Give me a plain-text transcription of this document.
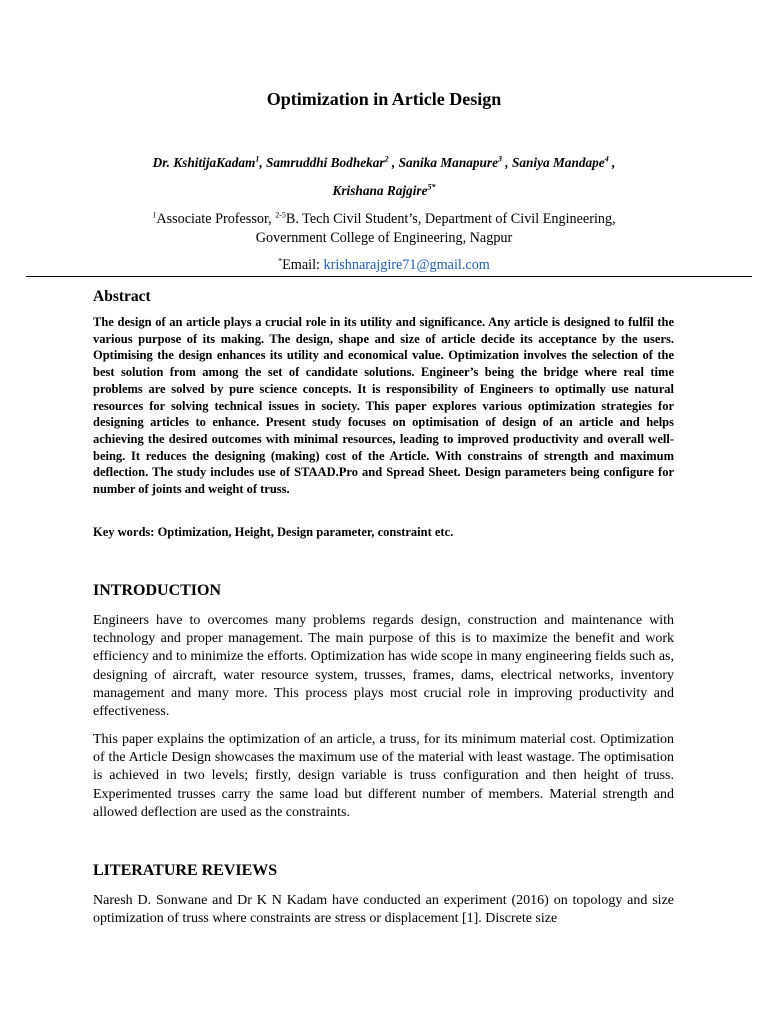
Optimization in Article Design
Dr. KshitijaKadam$^1$, Samruddhi Bodhekar$^2$ , Sanika Manapure$^3$ , Saniya Mandape$^4$ ,
Krishana Rajgire$^{5*}$
$^1$Associate Professor, $^{2-5}$B. Tech Civil Student’s, Department of Civil Engineering,
Government College of Engineering, Nagpur
*Email: krishnarajgire71@gmail.com
Abstract

The design of an article plays a crucial role in its utility and significance. Any article is designed to fulfil the various purpose of its making. The design, shape and size of article decide its acceptance by the users. Optimising the design enhances its utility and economical value. Optimization involves the selection of the best solution from among the set of candidate solutions. Engineer’s being the bridge where real time problems are solved by pure science concepts. It is responsibility of Engineers to optimally use natural resources for solving technical issues in society. This paper explores various optimization strategies for designing articles to enhance. Present study focuses on optimisation of design of an article and helps achieving the desired outcomes with minimal resources, leading to improved productivity and overall well-being. It reduces the designing (making) cost of the Article. With constrains of strength and maximum deflection. The study includes use of STAAD.Pro and Spread Sheet. Design parameters being configure for number of joints and weight of truss.

Key words: Optimization, Height, Design parameter, constraint etc.
INTRODUCTION

Engineers have to overcomes many problems regards design, construction and maintenance with technology and proper management. The main purpose of this is to maximize the benefit and work efficiency and to minimize the efforts. Optimization has wide scope in many engineering fields such as, designing of aircraft, water resource system, trusses, frames, dams, electrical networks, inventory management and many more. This process plays most crucial role in improving productivity and effectiveness.

This paper explains the optimization of an article, a truss, for its minimum material cost. Optimization of the Article Design showcases the maximum use of the material with least wastage. The optimisation is achieved in two levels; firstly, design variable is truss configuration and then height of truss. Experimented trusses carry the same load but different number of members. Material strength and allowed deflection are used as the constraints.

LITERATURE REVIEWS

Naresh D. Sonwane and Dr K N Kadam have conducted an experiment (2016) on topology and size optimization of truss where constraints are stress or displacement [1]. Discrete size
